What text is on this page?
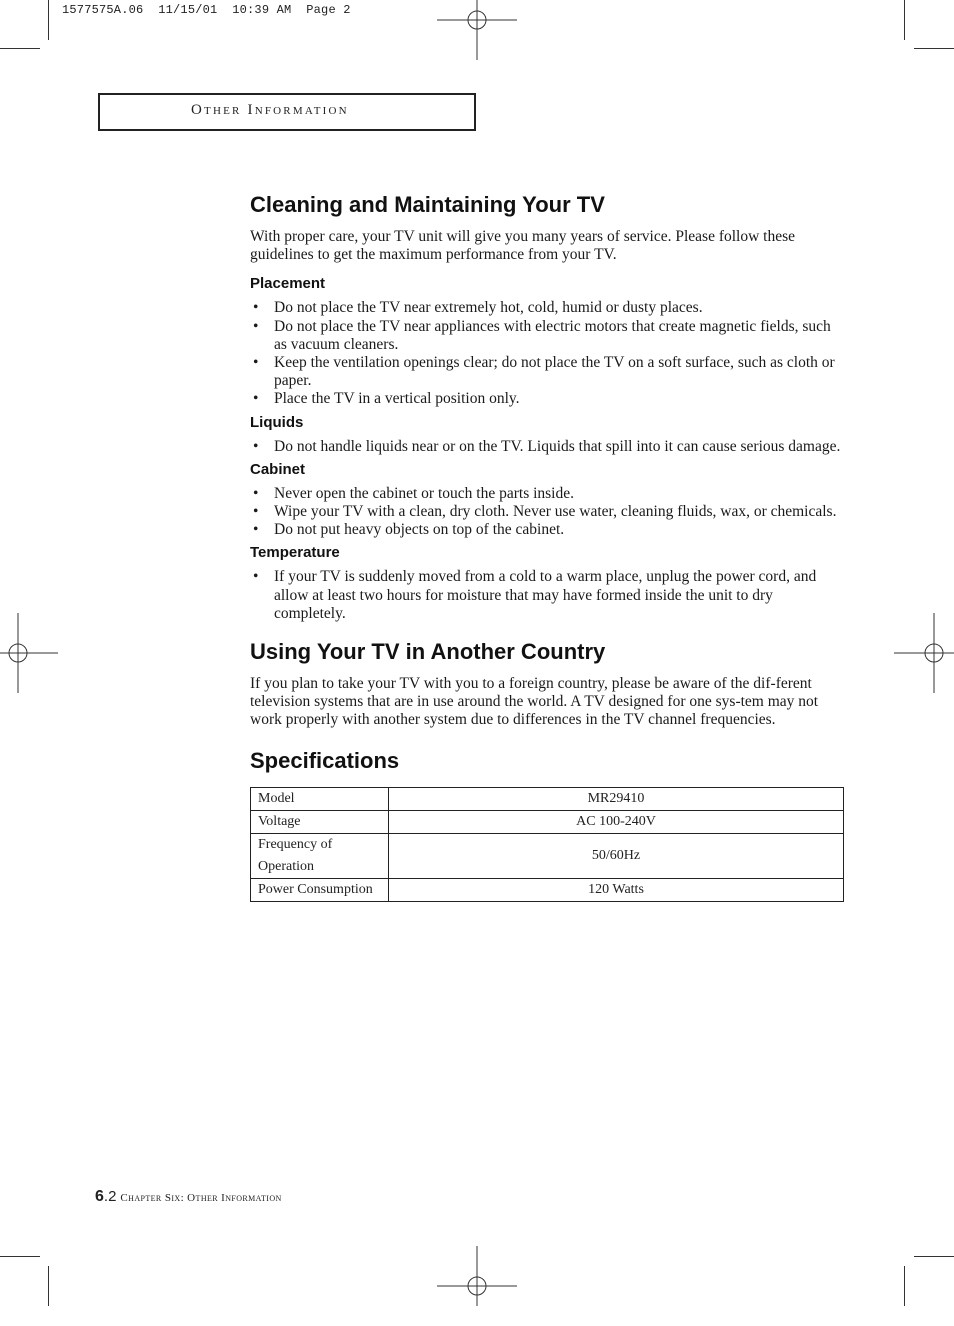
1577575A.06  11/15/01  10:39 AM  Page 2
Other Information
Cleaning and Maintaining Your TV

With proper care, your TV unit will give you many years of service. Please follow these guidelines to get the maximum performance from your TV.

Placement
• Do not place the TV near extremely hot, cold, humid or dusty places.
• Do not place the TV near appliances with electric motors that create magnetic fields, such as vacuum cleaners.
• Keep the ventilation openings clear; do not place the TV on a soft surface, such as cloth or paper.
• Place the TV in a vertical position only.
Liquids
• Do not handle liquids near or on the TV. Liquids that spill into it can cause serious damage.
Cabinet
• Never open the cabinet or touch the parts inside.
• Wipe your TV with a clean, dry cloth. Never use water, cleaning fluids, wax, or chemicals.
• Do not put heavy objects on top of the cabinet.
Temperature
• If your TV is suddenly moved from a cold to a warm place, unplug the power cord, and allow at least two hours for moisture that may have formed inside the unit to dry completely.
Using Your TV in Another Country

If you plan to take your TV with you to a foreign country, please be aware of the dif-ferent television systems that are in use around the world. A TV designed for one sys-tem may not work properly with another system due to differences in the TV channel frequencies.

Specifications
Model	MR29410
Voltage	AC 100-240V
Frequency of Operation	50/60Hz
Power Consumption	120 Watts
6.2 Chapter Six: Other Information
